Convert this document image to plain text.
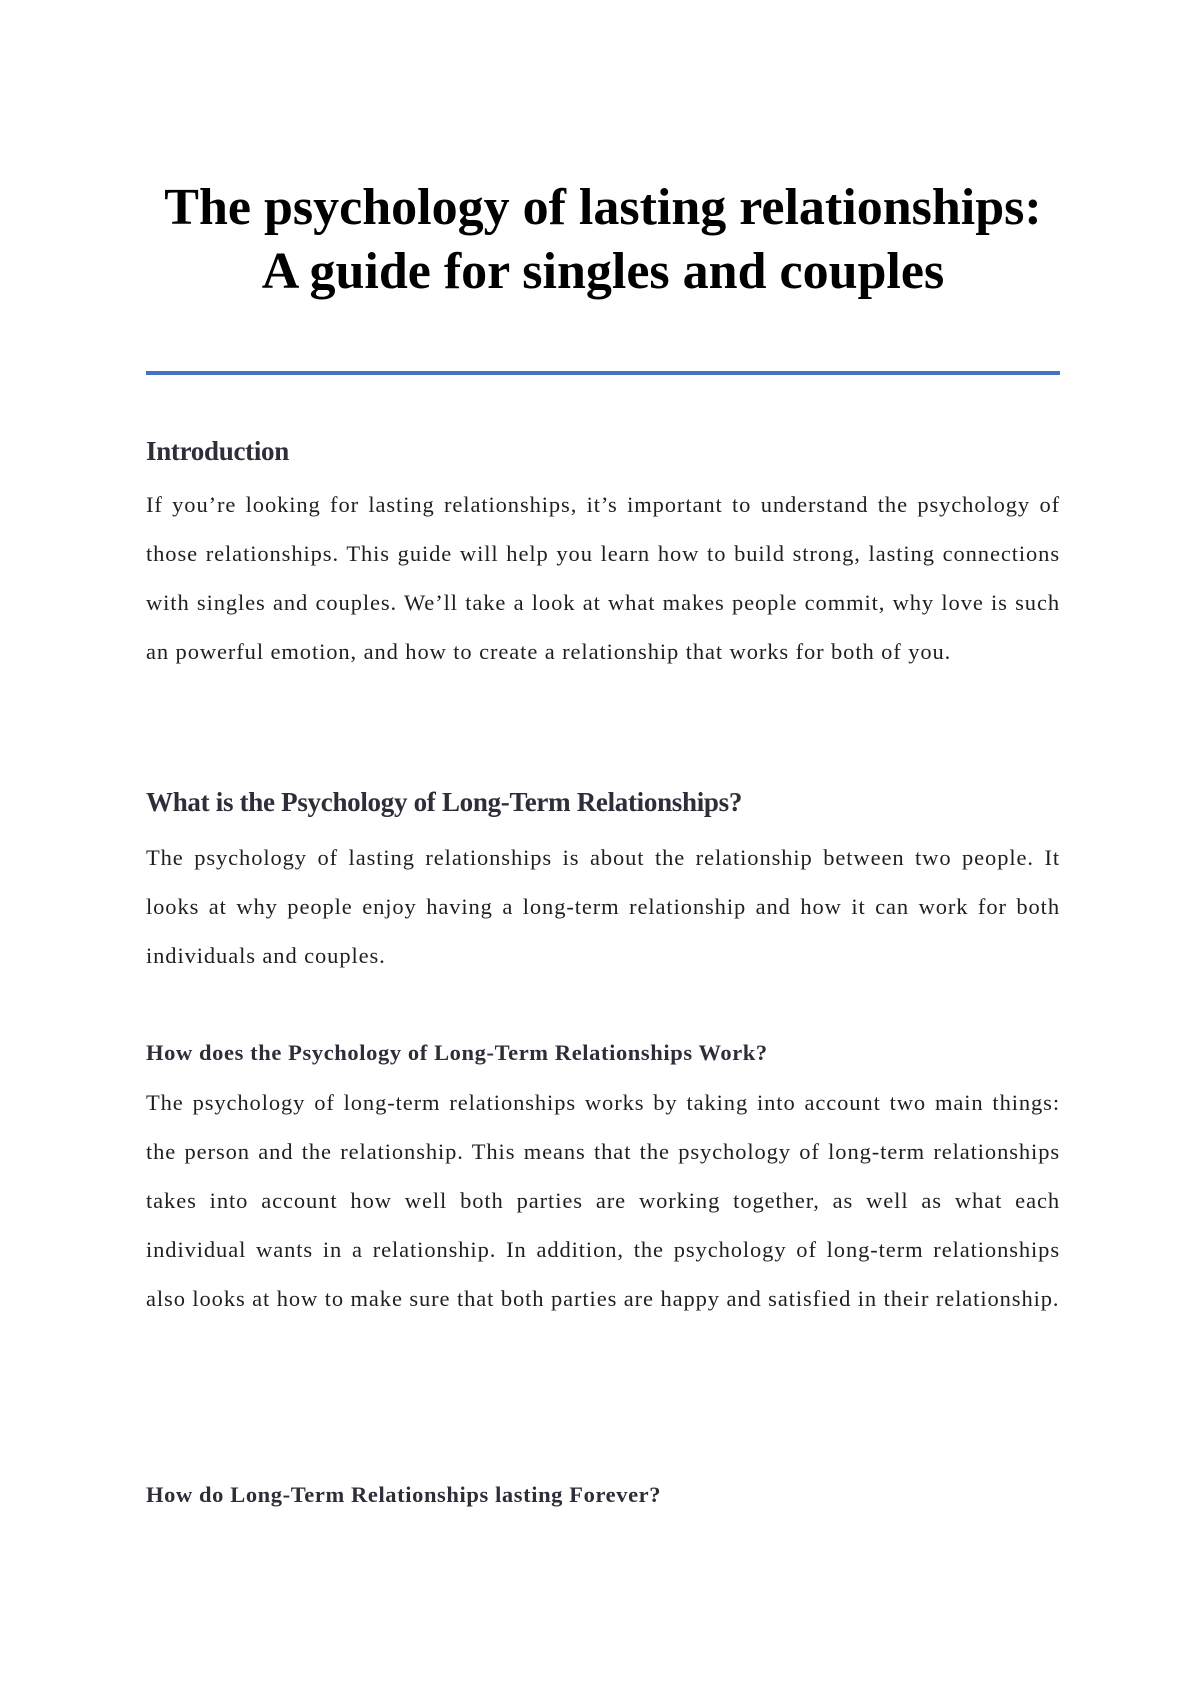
The psychology of lasting relationships: A guide for singles and couples
Introduction

If you’re looking for lasting relationships, it’s important to understand the psychology of those relationships. This guide will help you learn how to build strong, lasting connections with singles and couples. We’ll take a look at what makes people commit, why love is such an powerful emotion, and how to create a relationship that works for both of you.

What is the Psychology of Long-Term Relationships?

The psychology of lasting relationships is about the relationship between two people. It looks at why people enjoy having a long-term relationship and how it can work for both individuals and couples.

How does the Psychology of Long-Term Relationships Work?

The psychology of long-term relationships works by taking into account two main things: the person and the relationship. This means that the psychology of long-term relationships takes into account how well both parties are working together, as well as what each individual wants in a relationship. In addition, the psychology of long-term relationships also looks at how to make sure that both parties are happy and satisfied in their relationship.

How do Long-Term Relationships lasting Forever?
